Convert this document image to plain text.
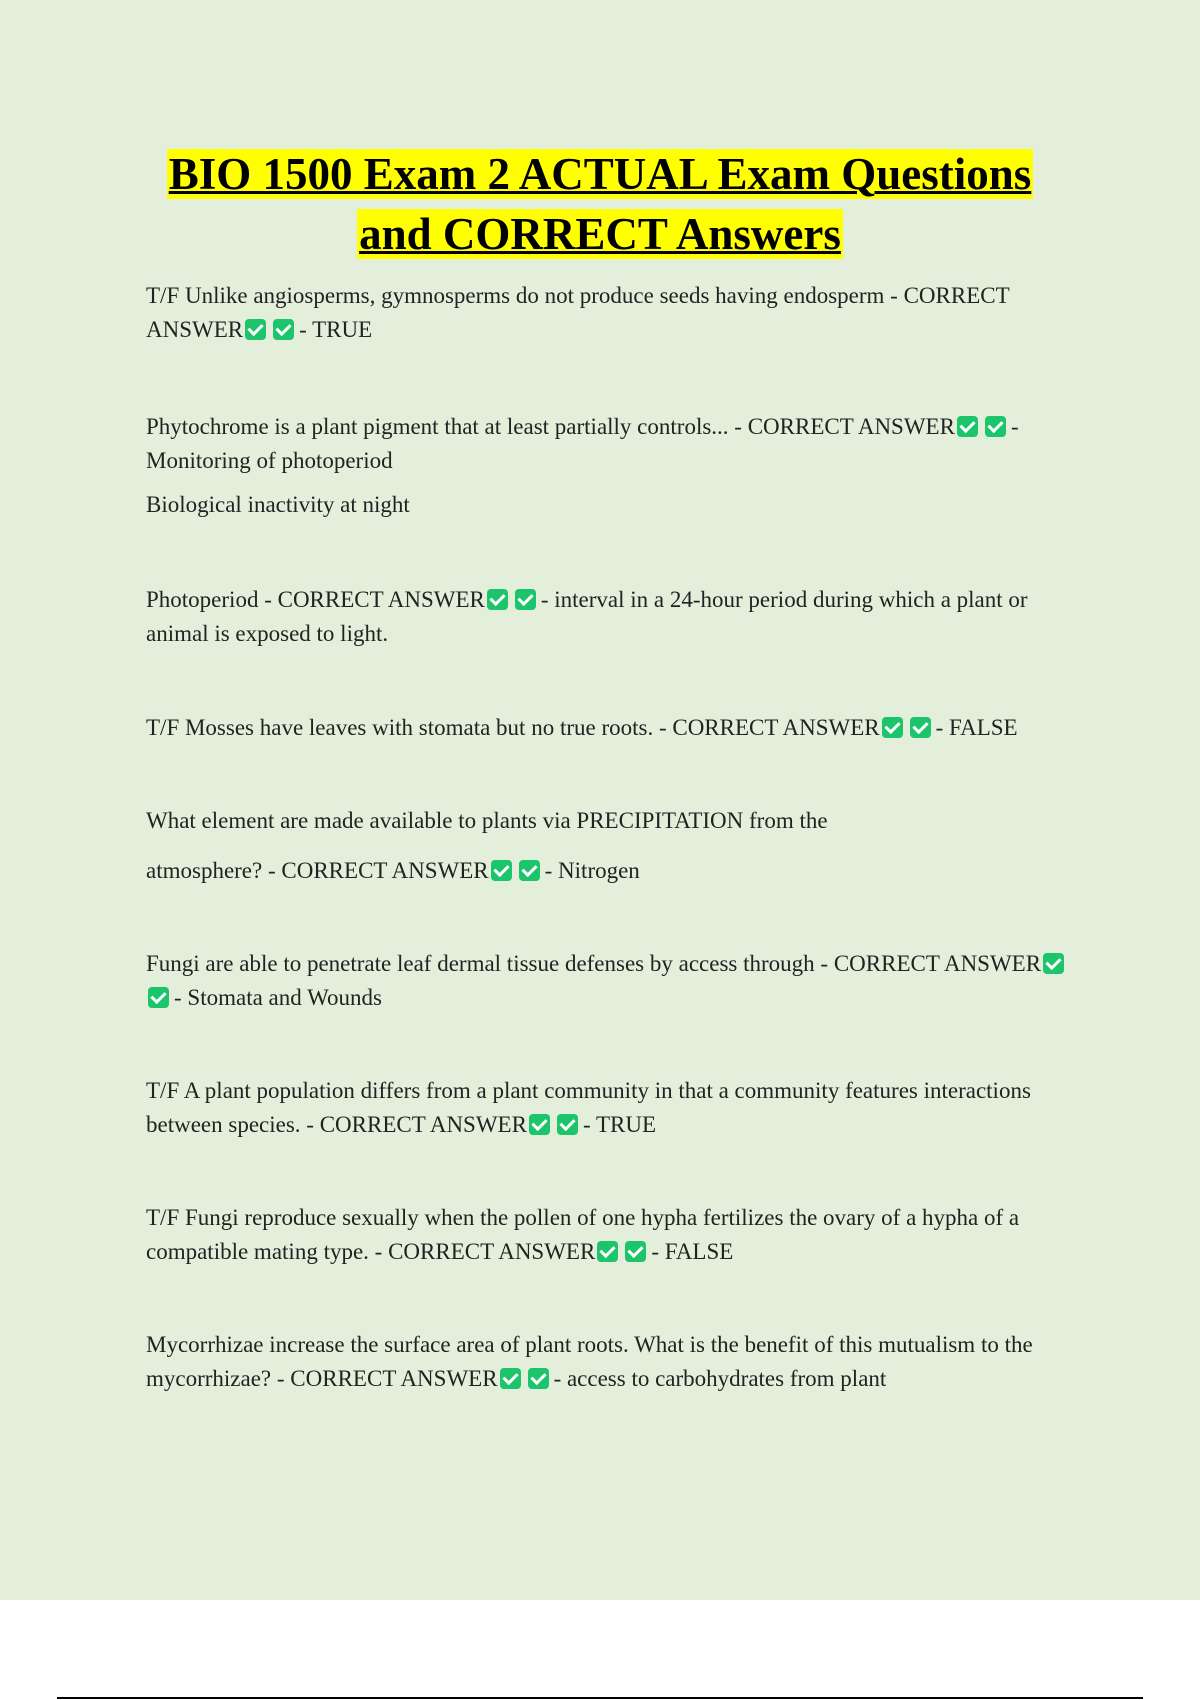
BIO 1500 Exam 2 ACTUAL Exam Questions
and CORRECT Answers

T/F Unlike angiosperms, gymnosperms do not produce seeds having endosperm - CORRECT ANSWER - TRUE

Phytochrome is a plant pigment that at least partially controls... - CORRECT ANSWER - Monitoring of photoperiod

Biological inactivity at night

Photoperiod - CORRECT ANSWER - interval in a 24-hour period during which a plant or animal is exposed to light.

T/F Mosses have leaves with stomata but no true roots. - CORRECT ANSWER - FALSE

What element are made available to plants via PRECIPITATION from the

atmosphere? - CORRECT ANSWER - Nitrogen

Fungi are able to penetrate leaf dermal tissue defenses by access through - CORRECT ANSWER- Stomata and Wounds

T/F A plant population differs from a plant community in that a community features interactions between species. - CORRECT ANSWER - TRUE

T/F Fungi reproduce sexually when the pollen of one hypha fertilizes the ovary of a hypha of a compatible mating type. - CORRECT ANSWER - FALSE

Mycorrhizae increase the surface area of plant roots. What is the benefit of this mutualism to the mycorrhizae? - CORRECT ANSWER - access to carbohydrates from plant
